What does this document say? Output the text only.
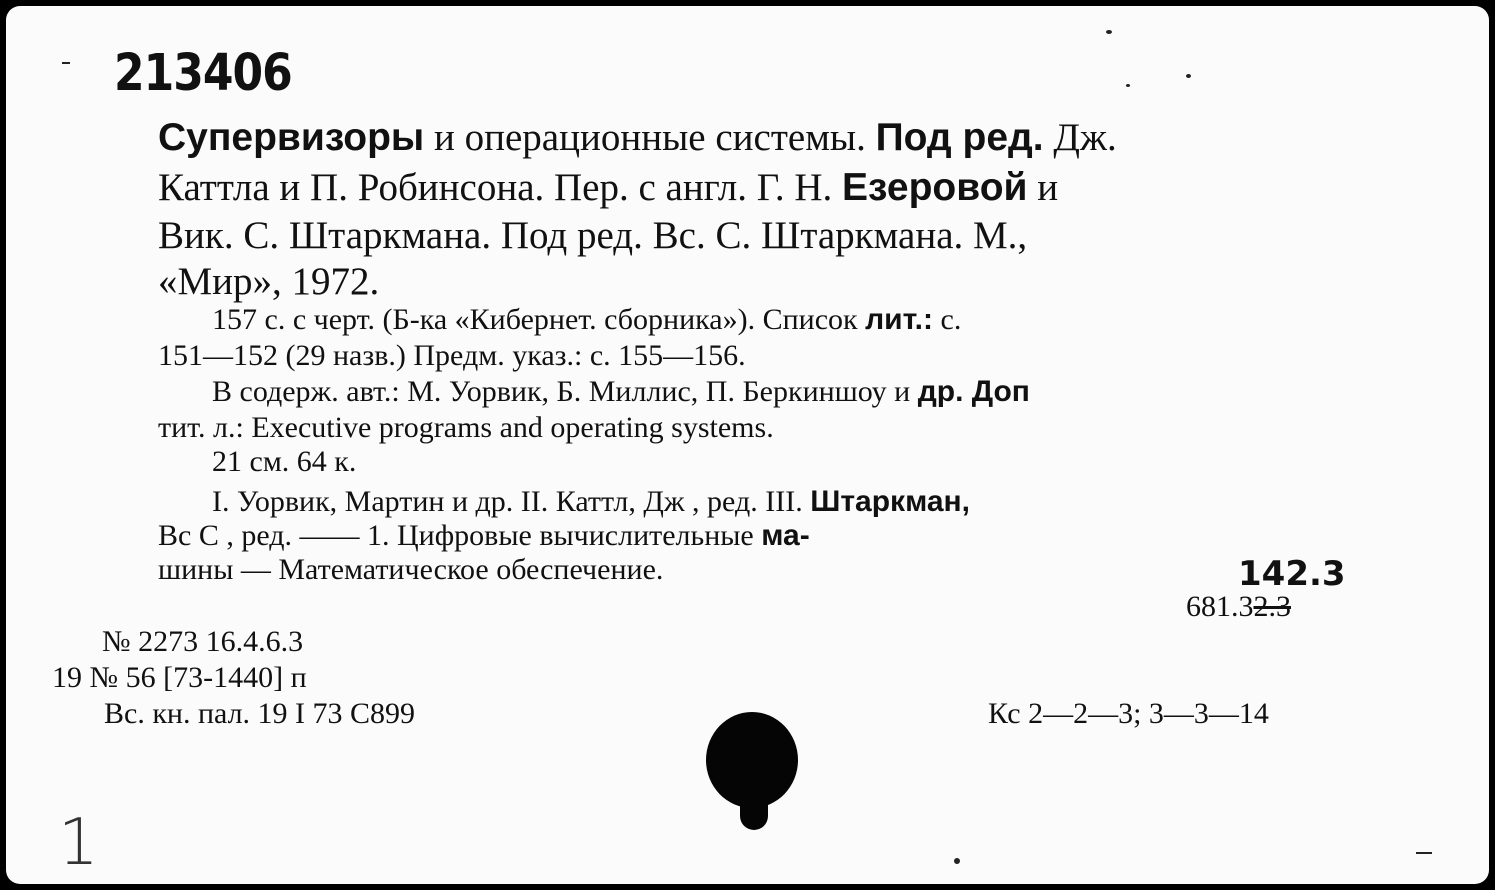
213406
Супервизоры и операционные системы. Под ред. Дж.
Каттла и П. Робинсона. Пер. с англ. Г. Н. Езеровой и
Вик. С. Штаркмана. Под ред. Вс. С. Штаркмана. М.,
«Мир», 1972.
157 с. с черт. (Б-ка «Кибернет. сборника»). Список лит.: с.
151—152 (29 назв.) Предм. указ.: с. 155—156.
В содерж. авт.: М. Уорвик, Б. Миллис, П. Беркиншоу и др. Доп
тит. л.: Executive programs and operating systems.
21 см. 64 к.
I. Уорвик, Мартин и др. II. Каттл, Дж , ред. III. Штаркман,
Вс С , ред. —— 1. Цифровые вычислительные ма-
шины — Математическое обеспечение.	142.3
681.32.3
№ 2273 16.4.6.3
19 № 56 [73-1440] п
Вс. кн. пал. 19 I 73 С899	Кс 2—2—3; 3—3—14
1
